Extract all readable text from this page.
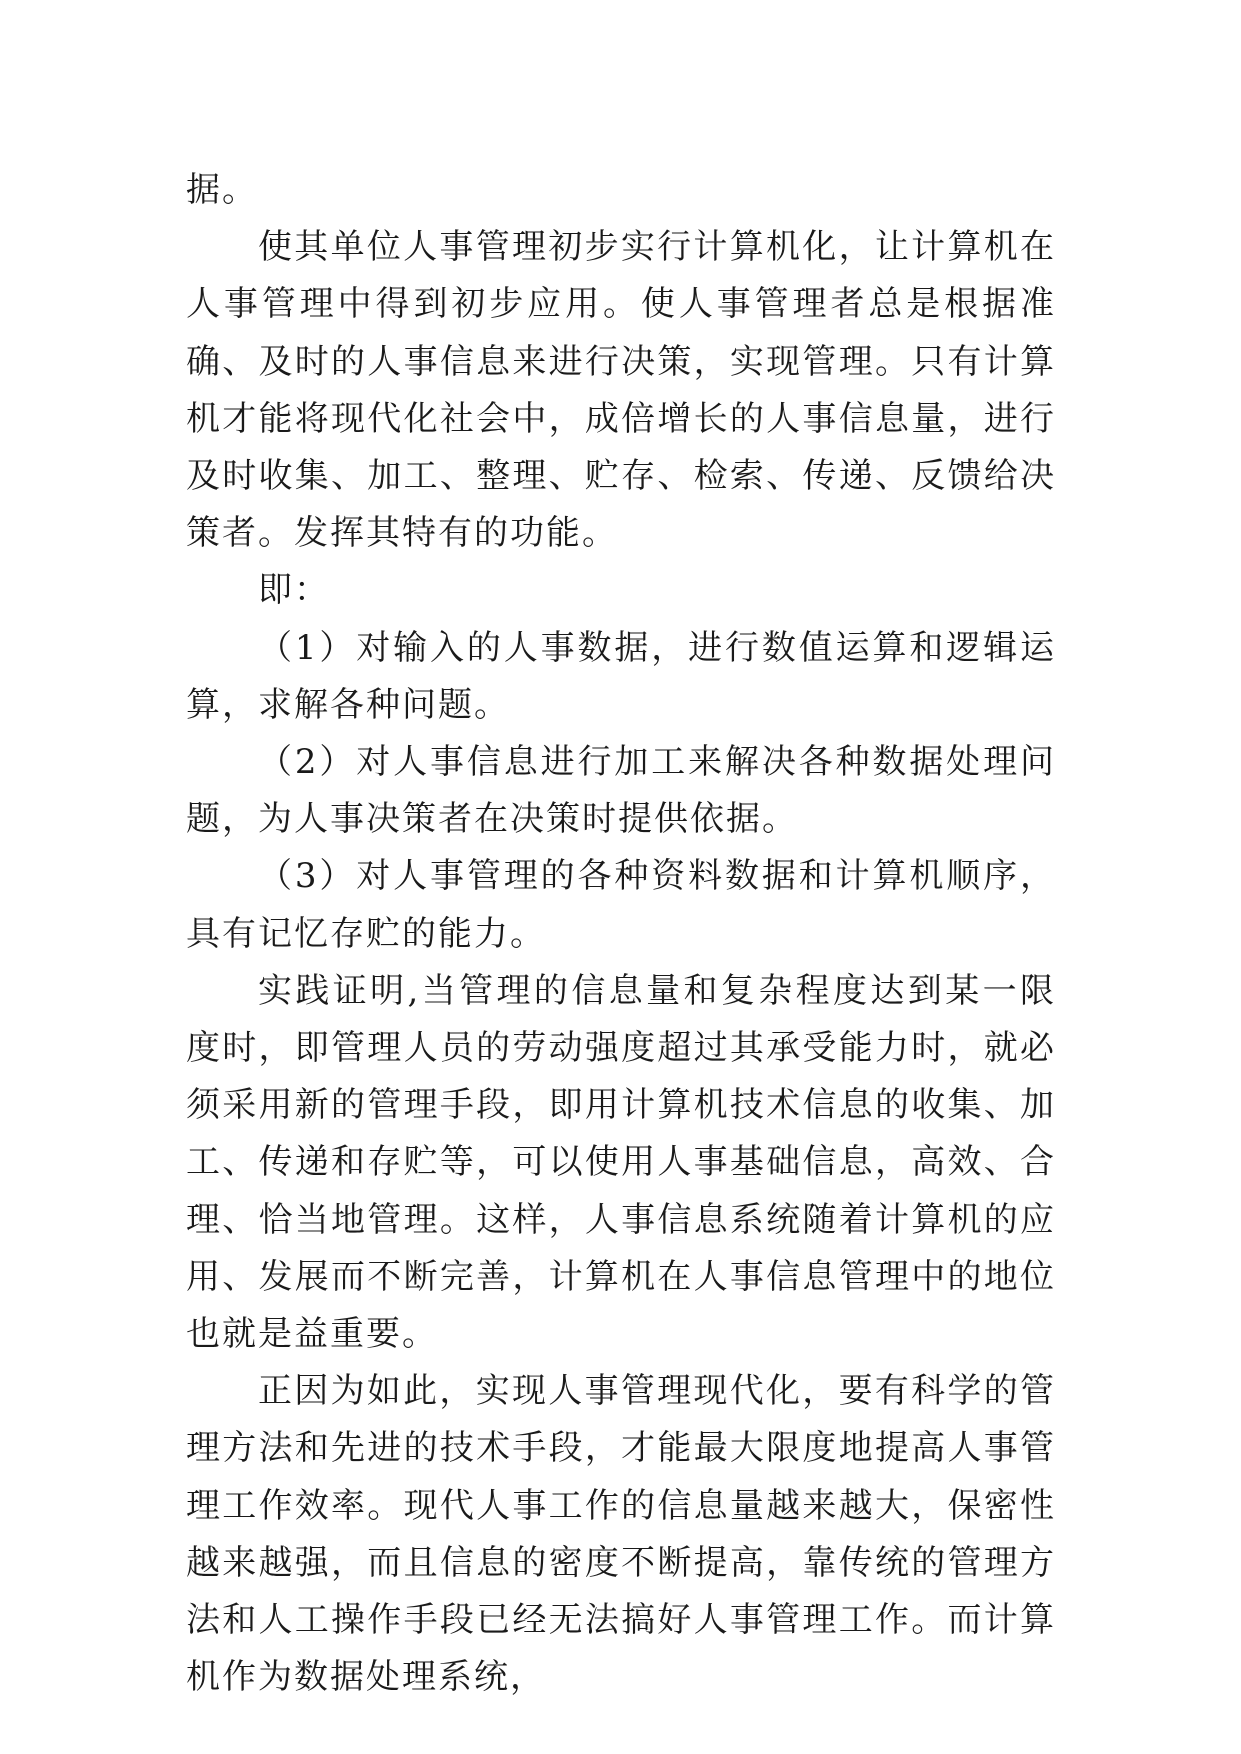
据。

使其单位人事管理初步实行计算机化，让计算机在人事管理中得到初步应用。使人事管理者总是根据准确、及时的人事信息来进行决策，实现管理。只有计算机才能将现代化社会中，成倍增长的人事信息量，进行及时收集、加工、整理、贮存、检索、传递、反馈给决策者。发挥其特有的功能。

即：

（1）对输入的人事数据，进行数值运算和逻辑运算，求解各种问题。

（2）对人事信息进行加工来解决各种数据处理问题，为人事决策者在决策时提供依据。

（3）对人事管理的各种资料数据和计算机顺序，具有记忆存贮的能力。

实践证明,当管理的信息量和复杂程度达到某一限度时，即管理人员的劳动强度超过其承受能力时，就必须采用新的管理手段，即用计算机技术信息的收集、加工、传递和存贮等，可以使用人事基础信息，高效、合理、恰当地管理。这样，人事信息系统随着计算机的应用、发展而不断完善，计算机在人事信息管理中的地位也就是益重要。

正因为如此，实现人事管理现代化，要有科学的管理方法和先进的技术手段，才能最大限度地提高人事管理工作效率。现代人事工作的信息量越来越大，保密性越来越强，而且信息的密度不断提高，靠传统的管理方法和人工操作手段已经无法搞好人事管理工作。而计算机作为数据处理系统，
